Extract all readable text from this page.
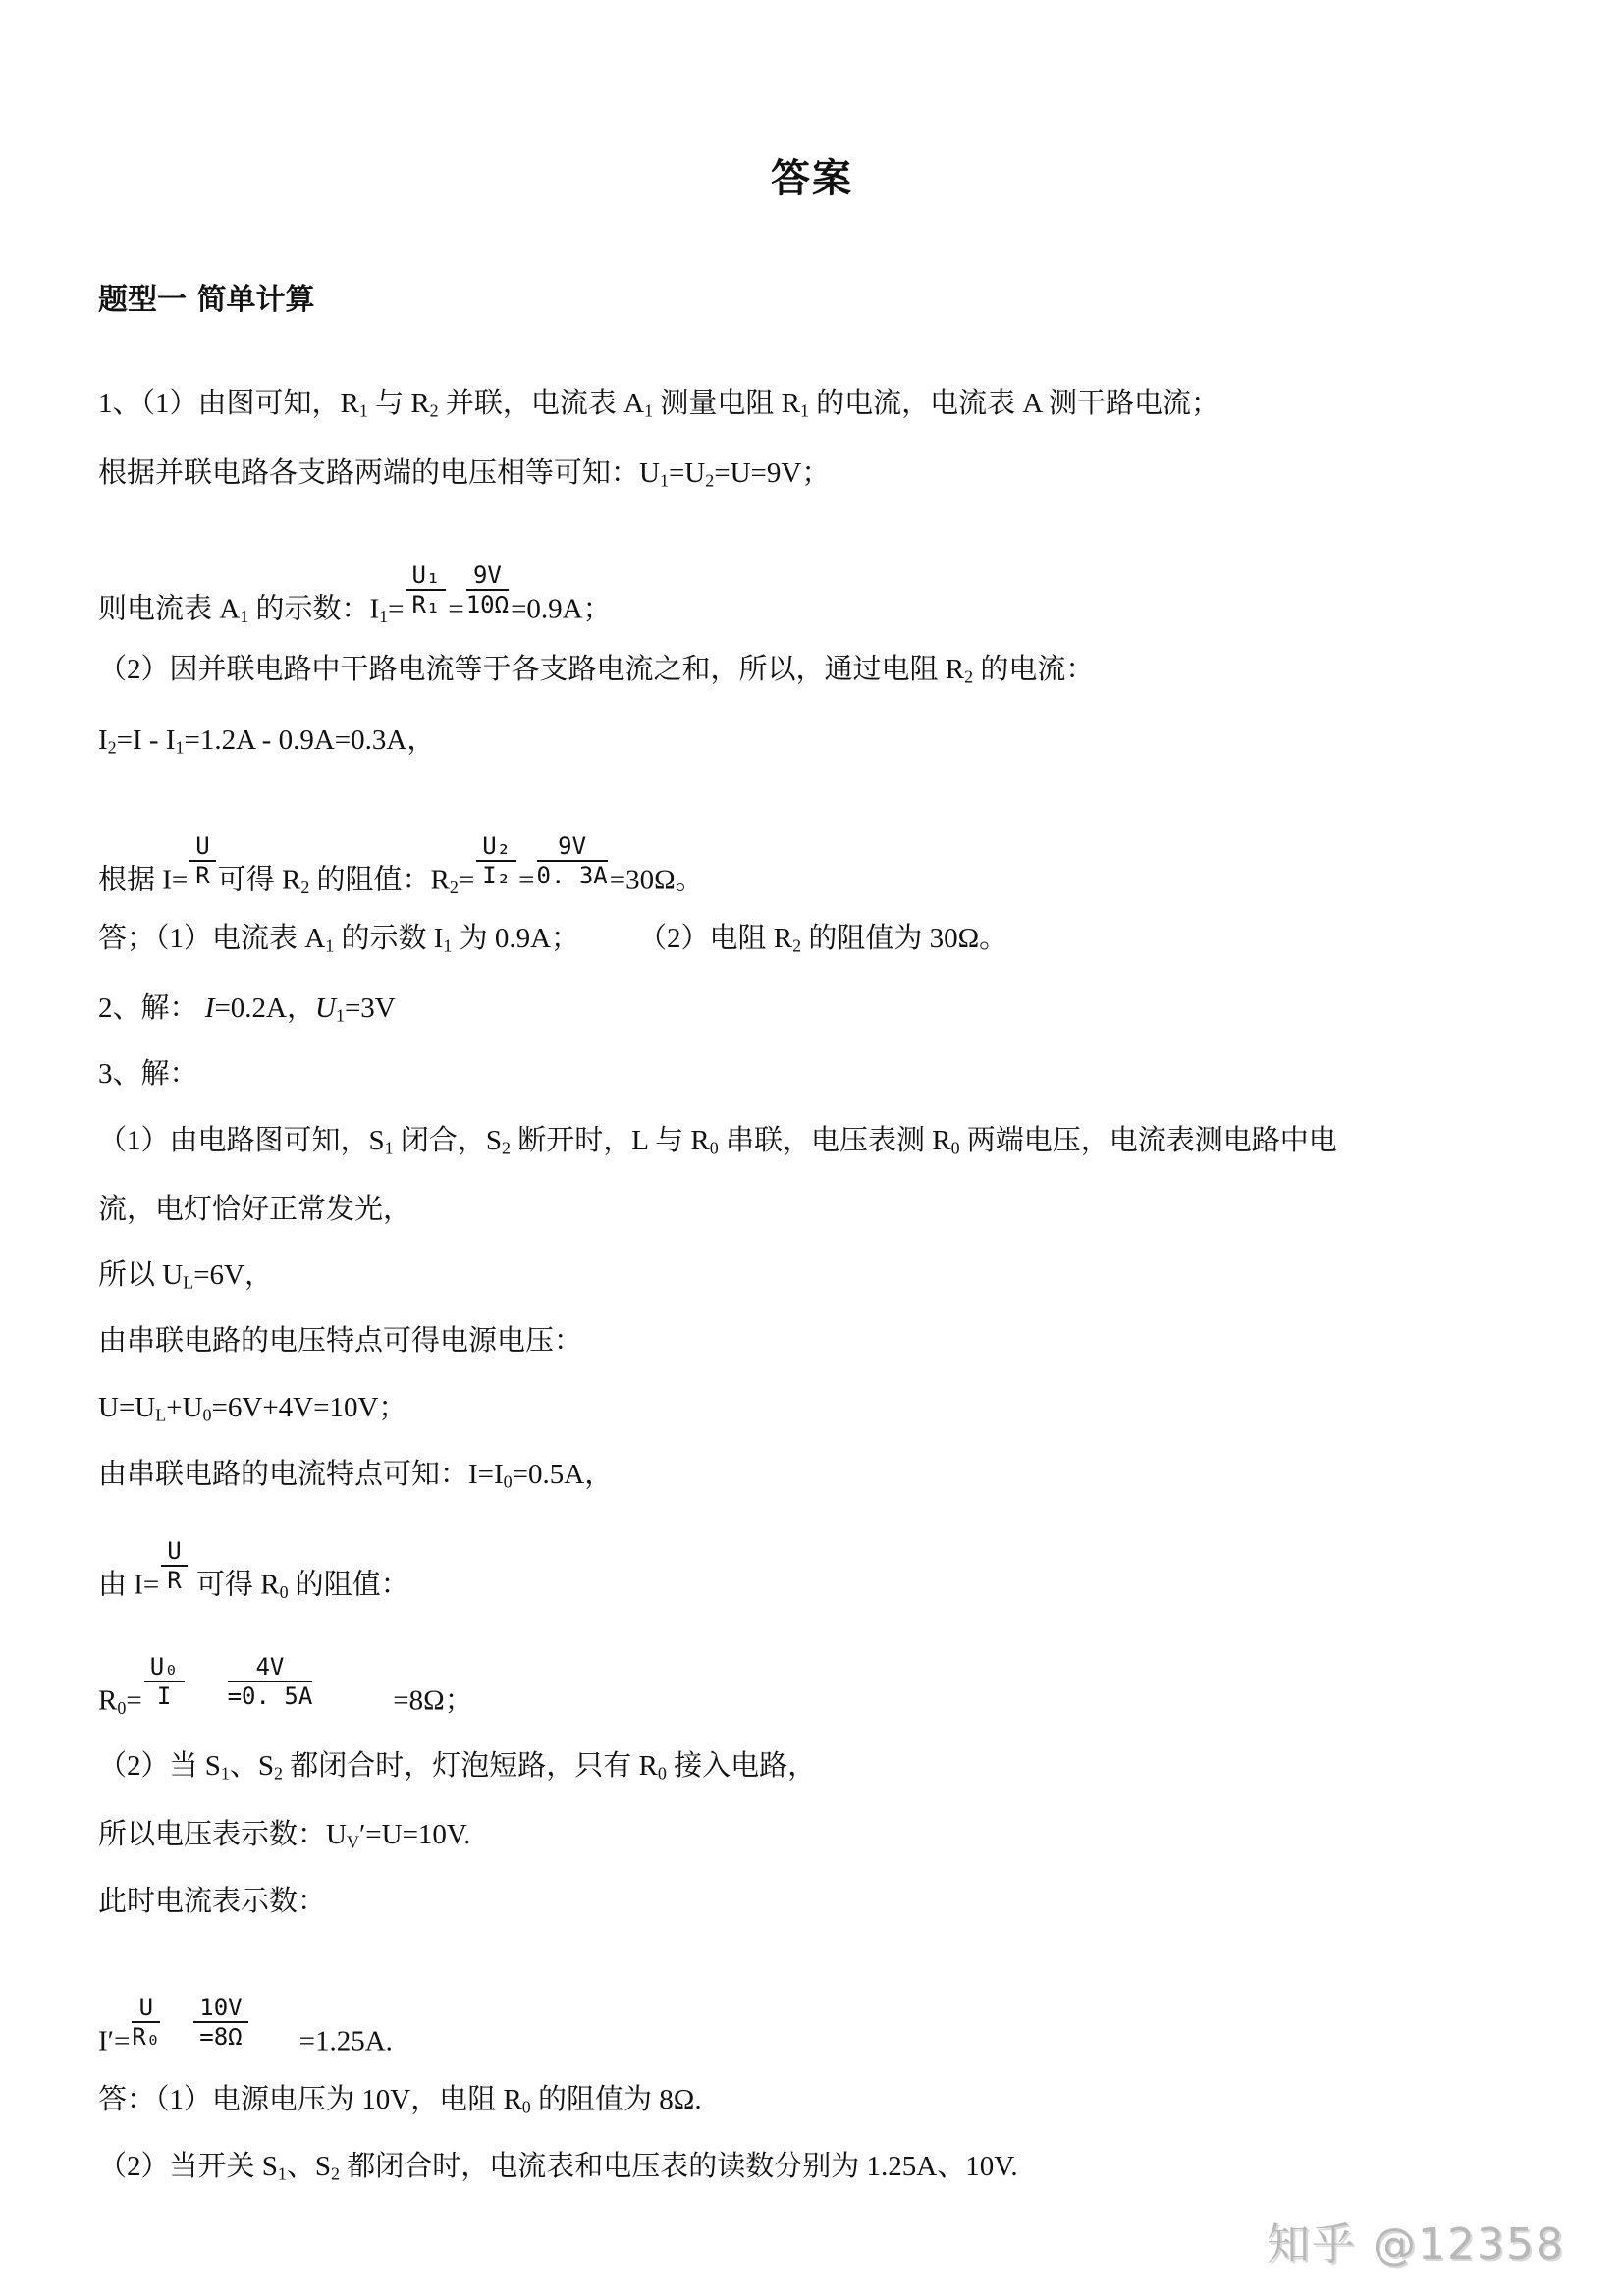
答案
题型一 简单计算
1、（1）由图可知，$R_1$ 与 $R_2$ 并联，电流表 $A_1$ 测量电阻 $R_1$ 的电流，电流表 A 测干路电流；
根据并联电路各支路两端的电压相等可知：$U_1=U_2=U=9V$；
则电流表 $A_1$ 的示数：$I_1= \frac{\text{U₁}}{\text{R₁}} = \frac{9V}{10\Omega} =0.9A$；
（2）因并联电路中干路电流等于各支路电流之和，所以，通过电阻 $R_2$ 的电流：
$I_2=I - I_1=1.2A - 0.9A=0.3A$，
根据 $I= \frac{U}{R}$ 可得 $R_2$ 的阻值：$R_2= \frac{\text{U₂}}{\text{I₂}} = \frac{9V}{0. 3A} =30\Omega$。
答；（1）电流表 $A_1$ 的示数 $I_1$ 为 0.9A； （2）电阻 $R_2$ 的阻值为 30Ω。
2、解： I=0.2A，$U_1=3V$
3、解：
（1）由电路图可知，$S_1$ 闭合，$S_2$ 断开时，L 与 $R_0$ 串联，电压表测 $R_0$ 两端电压，电流表测电路中电
流，电灯恰好正常发光，
所以 $U_L=6V$，
由串联电路的电压特点可得电源电压：
$U=U_L+U_0=6V+4V=10V$；
由串联电路的电流特点可知：$I=I_0=0.5A$，
由 $I= \frac{U}{R}$ 可得 $R_0$ 的阻值：
$R_0= \frac{\text{U₀}}{I} \frac{4V}{=0. 5A}$	=8Ω；
（2）当 $S_1$、$S_2$ 都闭合时，灯泡短路，只有 $R_0$ 接入电路，
所以电压表示数：$U_V'=U=10V$.
此时电流表示数：
$I'= \frac{U}{\text{R₀}} \frac{10V}{=8\Omega} =1.25A$.
答：（1）电源电压为 10V，电阻 $R_0$ 的阻值为 8Ω.
（2）当开关 $S_1$、$S_2$ 都闭合时，电流表和电压表的读数分别为 1.25A、10V.
知乎 @12358
